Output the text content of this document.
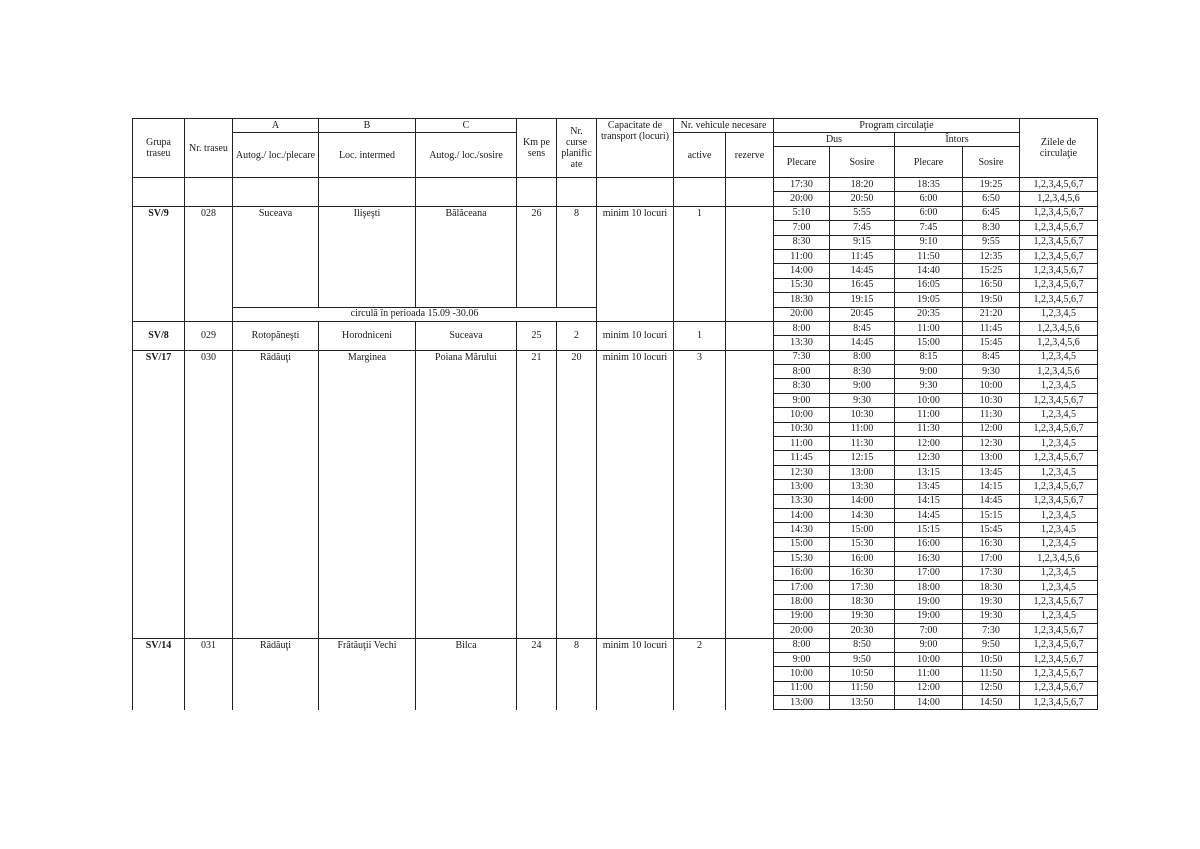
Grupa traseu	Nr. traseu	A	B	C	Km pe sens	Nr. curse planific ate	Capacitate de transport (locuri)	Nr. vehicule necesare		Program circulaţie				Zilele de circulaţie
		Autog./ loc./plecare	Loc. intermed	Autog./ loc./sosire				active	rezerve	Dus		Întors		
										Plecare	Sosire	Plecare	Sosire	
										17:30	18:20	18:35	19:25	1,2,3,4,5,6,7
										20:00	20:50	6:00	6:50	1,2,3,4,5,6
SV/9	028	Suceava	Ilişeşti	Bălăceana	26	8	minim 10 locuri	1		5:10	5:55	6:00	6:45	1,2,3,4,5,6,7
										7:00	7:45	7:45	8:30	1,2,3,4,5,6,7
										8:30	9:15	9:10	9:55	1,2,3,4,5,6,7
										11:00	11:45	11:50	12:35	1,2,3,4,5,6,7
										14:00	14:45	14:40	15:25	1,2,3,4,5,6,7
										15:30	16:45	16:05	16:50	1,2,3,4,5,6,7
										18:30	19:15	19:05	19:50	1,2,3,4,5,6,7
		circulă în perioada 15.09 -30.06								20:00	20:45	20:35	21:20	1,2,3,4,5
SV/8	029	Rotopăneşti	Horodniceni	Suceava	25	2	minim 10 locuri	1		8:00	8:45	11:00	11:45	1,2,3,4,5,6
										13:30	14:45	15:00	15:45	1,2,3,4,5,6
SV/17	030	Rădăuţi	Marginea	Poiana Mărului	21	20	minim 10 locuri	3		7:30	8:00	8:15	8:45	1,2,3,4,5
										8:00	8:30	9:00	9:30	1,2,3,4,5,6
										8:30	9:00	9:30	10:00	1,2,3,4,5
										9:00	9:30	10:00	10:30	1,2,3,4,5,6,7
										10:00	10:30	11:00	11:30	1,2,3,4,5
										10:30	11:00	11:30	12:00	1,2,3,4,5,6,7
										11:00	11:30	12:00	12:30	1,2,3,4,5
										11:45	12:15	12:30	13:00	1,2,3,4,5,6,7
										12:30	13:00	13:15	13:45	1,2,3,4,5
										13:00	13:30	13:45	14:15	1,2,3,4,5,6,7
										13:30	14:00	14:15	14:45	1,2,3,4,5,6,7
										14:00	14:30	14:45	15:15	1,2,3,4,5
										14:30	15:00	15:15	15:45	1,2,3,4,5
										15:00	15:30	16:00	16:30	1,2,3,4,5
										15:30	16:00	16:30	17:00	1,2,3,4,5,6
										16:00	16:30	17:00	17:30	1,2,3,4,5
										17:00	17:30	18:00	18:30	1,2,3,4,5
										18:00	18:30	19:00	19:30	1,2,3,4,5,6,7
										19:00	19:30	19:00	19:30	1,2,3,4,5
										20:00	20:30	7:00	7:30	1,2,3,4,5,6,7
SV/14	031	Rădăuţi	Frătăuţii Vechi	Bilca	24	8	minim 10 locuri	2		8:00	8:50	9:00	9:50	1,2,3,4,5,6,7
										9:00	9:50	10:00	10:50	1,2,3,4,5,6,7
										10:00	10:50	11:00	11:50	1,2,3,4,5,6,7
										11:00	11:50	12:00	12:50	1,2,3,4,5,6,7
										13:00	13:50	14:00	14:50	1,2,3,4,5,6,7
